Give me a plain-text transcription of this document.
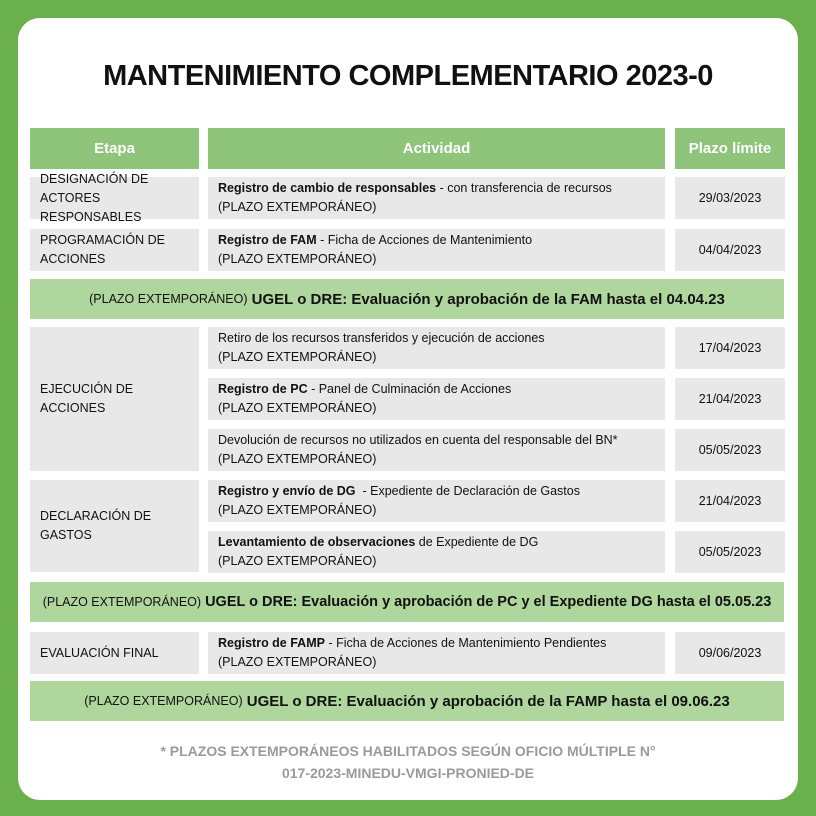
MANTENIMIENTO COMPLEMENTARIO 2023-0
Etapa	Actividad	Plazo límite
DESIGNACIÓN DE
ACTORES RESPONSABLES
Registro de cambio de responsables - con transferencia de recursos
(PLAZO EXTEMPORÁNEO)
29/03/2023
PROGRAMACIÓN DE
ACCIONES
Registro de FAM - Ficha de Acciones de Mantenimiento
(PLAZO EXTEMPORÁNEO)
04/04/2023
(PLAZO EXTEMPORÁNEO)
UGEL o DRE: Evaluación y aprobación de la FAM hasta el 04.04.23
EJECUCIÓN DE ACCIONES
Retiro de los recursos transferidos y ejecución de acciones
(PLAZO EXTEMPORÁNEO)
17/04/2023
Registro de PC - Panel de Culminación de Acciones
(PLAZO EXTEMPORÁNEO)
21/04/2023
Devolución de recursos no utilizados en cuenta del responsable del BN*
(PLAZO EXTEMPORÁNEO)
05/05/2023
DECLARACIÓN DE GASTOS
Registro y envío de DG  - Expediente de Declaración de Gastos
(PLAZO EXTEMPORÁNEO)
21/04/2023
Levantamiento de observaciones de Expediente de DG
(PLAZO EXTEMPORÁNEO)
05/05/2023
(PLAZO EXTEMPORÁNEO)
UGEL o DRE: Evaluación y aprobación de PC y el Expediente DG hasta el 05.05.23
EVALUACIÓN FINAL
Registro de FAMP - Ficha de Acciones de Mantenimiento Pendientes
(PLAZO EXTEMPORÁNEO)
09/06/2023
(PLAZO EXTEMPORÁNEO)
UGEL o DRE: Evaluación y aprobación de la FAMP hasta el 09.06.23
* PLAZOS EXTEMPORÁNEOS HABILITADOS SEGÚN OFICIO MÚLTIPLE N°
017-2023-MINEDU-VMGI-PRONIED-DE
